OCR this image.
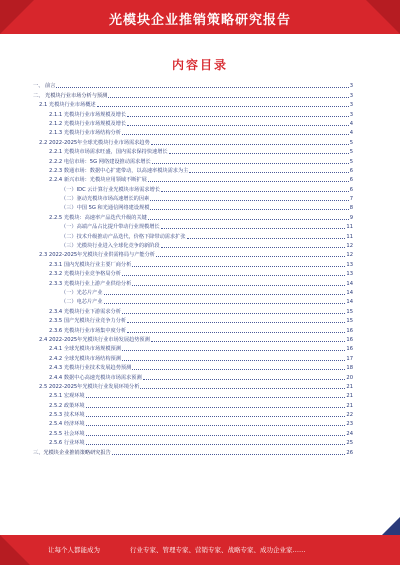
光模块企业推销策略研究报告
内容目录
一、 前言	3
二、 光模块行业市场分析与预测	3
2.1 光模块行业市场概述	3
2.1.1 光模块行业市场规模及增长	3
2.1.2 光模块行业市场规模及增长	4
2.1.3 光模块行业市场结构分析	4
2.2 2022-2025年全球光模块行业市场需求趋势	5
2.2.1 光模块市场需求旺盛，国内需求保持快速增长	5
2.2.2 电信市场：5G 网络建设推动需求增长	5
2.2.3 数通市场：数据中心扩建带动，以高速率模块需求为主	6
2.2.4 新兴市场：光模块应用领域不断扩展	6
（一）IDC 云计算行业光模块市场需求增长	6
（二）驱动光模块市场高速增长的因素	7
（三）中国 5G 和光通信网络建设规模	8
2.2.5 光模块：高速率产品迭代升级的关键	9
（一）高端产品占比提升带动行业规模增长	11
（二）技术升级推动产品迭代，价格下降带动需求扩张	11
（三）光模块行业进入全球化竞争的新阶段	12
2.3 2022-2025年光模块行业供需格局与产能分析	12
2.3.1 国内光模块行业主要厂商分析	13
2.3.2 光模块行业竞争格局分析	13
2.3.3 光模块行业上游产业供给分析	14
（一）光芯片产业	14
（二）电芯片产业	14
2.3.4 光模块行业下游需求分析	15
2.3.5 国产光模块行业竞争力分析	15
2.3.6 光模块行业市场集中度分析	16
2.4 2022-2025年光模块行业市场发展趋势预测	16
2.4.1 全球光模块市场规模预测	16
2.4.2 全球光模块市场结构预测	17
2.4.3 光模块行业技术发展趋势预测	18
2.4.4 数据中心高速光模块市场需求预测	20
2.5 2022-2025年光模块行业发展环境分析	21
2.5.1 宏观环境	21
2.5.2 政策环境	21
2.5.3 技术环境	22
2.5.4 经济环境	23
2.5.5 社会环境	24
2.5.6 行业环境	25
三、光模块企业推销策略研究报告	26
让每个人都能成为	行业专家、管理专家、营销专家、战略专家、成功企业家……
